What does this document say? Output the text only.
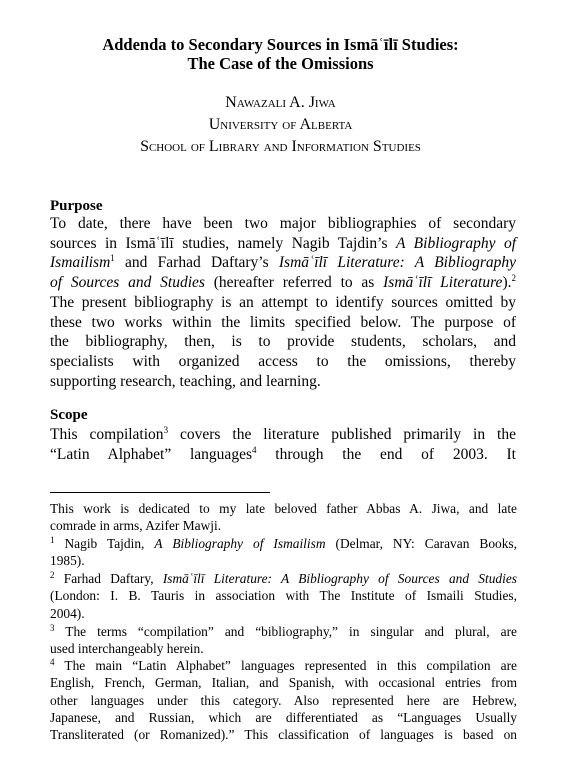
Addenda to Secondary Sources in Ismāʿīlī Studies:
The Case of the Omissions
Nawazali A. Jiwa
University of Alberta
School of Library and Information Studies
Purpose
To date, there have been two major bibliographies of secondary
sources in Ismāʿīlī studies, namely Nagib Tajdin’s A Bibliography of
Ismailism$^1$ and Farhad Daftary’s Ismāʿīlī Literature: A Bibliography
of Sources and Studies (hereafter referred to as Ismāʿīlī Literature).$^2$
The present bibliography is an attempt to identify sources omitted by
these two works within the limits specified below. The purpose of
the bibliography, then, is to provide students, scholars, and
specialists with organized access to the omissions, thereby
supporting research, teaching, and learning.
Scope
This compilation$^3$ covers the literature published primarily in the
“Latin Alphabet” languages$^4$ through the end of 2003. It
This work is dedicated to my late beloved father Abbas A. Jiwa, and late
comrade in arms, Azifer Mawji.
$^1$ Nagib Tajdin, A Bibliography of Ismailism (Delmar, NY: Caravan Books,
1985).
$^2$ Farhad Daftary, Ismāʿīlī Literature: A Bibliography of Sources and Studies
(London: I. B. Tauris in association with The Institute of Ismaili Studies,
2004).
$^3$ The terms “compilation” and “bibliography,” in singular and plural, are
used interchangeably herein.
$^4$ The main “Latin Alphabet” languages represented in this compilation are
English, French, German, Italian, and Spanish, with occasional entries from
other languages under this category. Also represented here are Hebrew,
Japanese, and Russian, which are differentiated as “Languages Usually
Transliterated (or Romanized).” This classification of languages is based on
